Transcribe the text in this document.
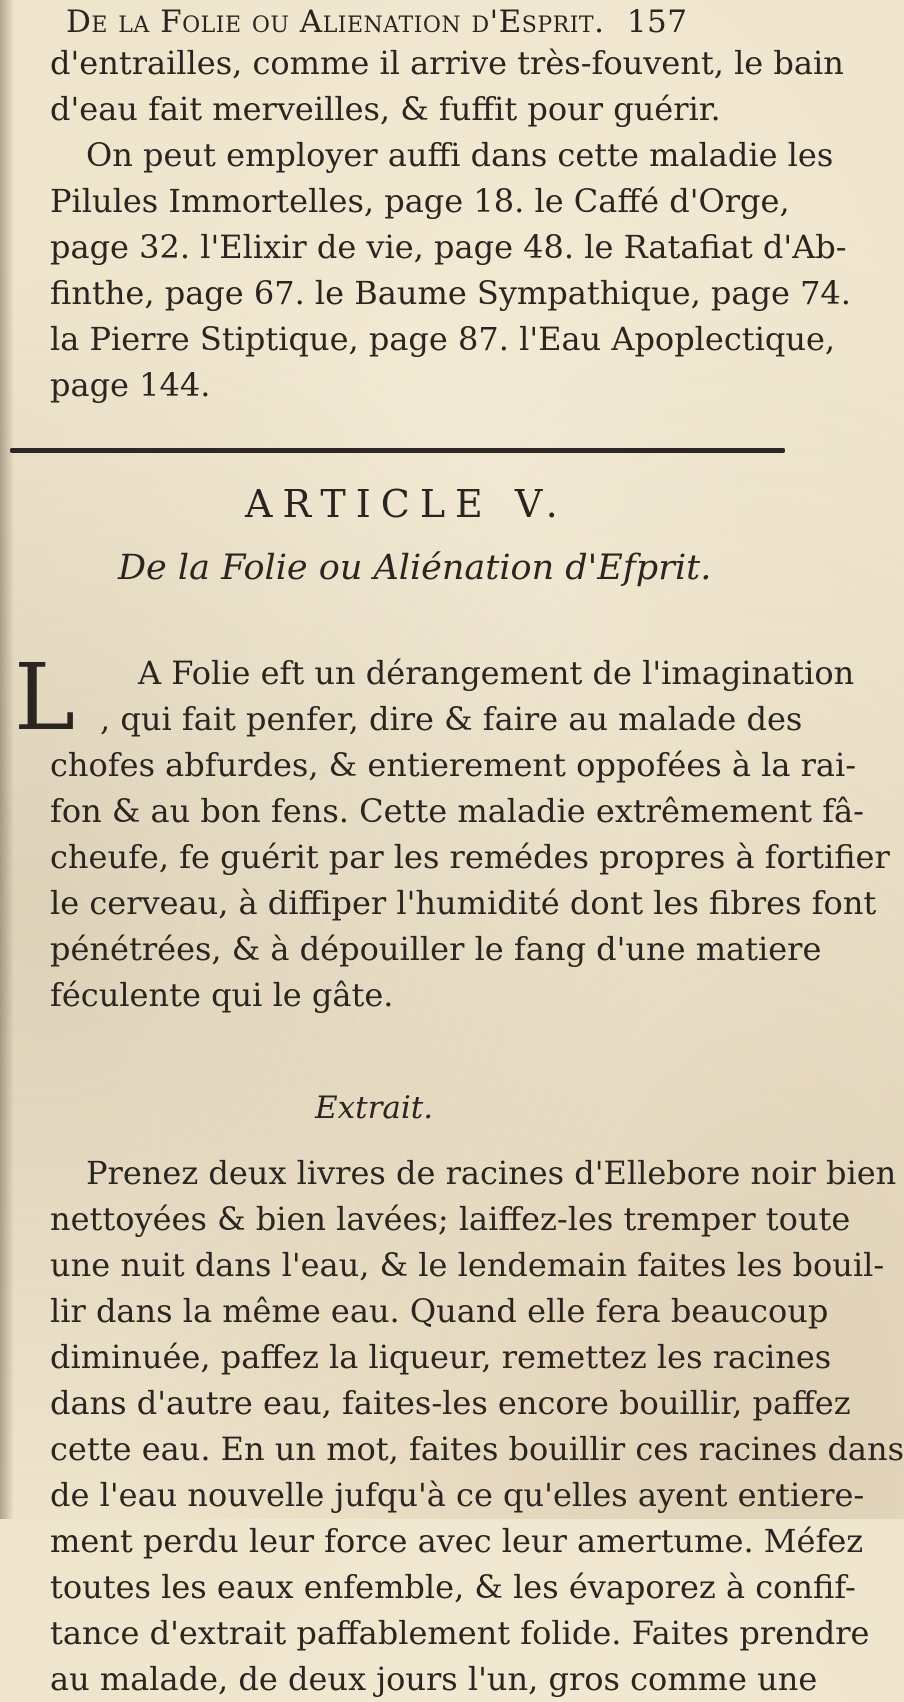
De la Folie ou Alienation d'Esprit. 157
d'entrailles, comme il arrive très-fouvent, le bain
d'eau fait merveilles, & fuffit pour guérir.
On peut employer auffi dans cette maladie les
Pilules Immortelles, page 18. le Caffé d'Orge,
page 32. l'Elixir de vie, page 48. le Ratafiat d'Ab-
finthe, page 67. le Baume Sympathique, page 74.
la Pierre Stiptique, page 87. l'Eau Apoplectique,
page 144.
ARTICLE V.
De la Folie ou Aliénation d'Efprit.
L	A Folie eft un dérangement de l'imagination
, qui fait penfer, dire & faire au malade des
chofes abfurdes, & entierement oppofées à la rai-
fon & au bon fens. Cette maladie extrêmement fâ-
cheufe, fe guérit par les remédes propres à fortifier
le cerveau, à diffiper l'humidité dont les fibres font
pénétrées, & à dépouiller le fang d'une matiere
féculente qui le gâte.
Extrait.
Prenez deux livres de racines d'Ellebore noir bien
nettoyées & bien lavées; laiffez-les tremper toute
une nuit dans l'eau, & le lendemain faites les bouil-
lir dans la même eau. Quand elle fera beaucoup
diminuée, paffez la liqueur, remettez les racines
dans d'autre eau, faites-les encore bouillir, paffez
cette eau. En un mot, faites bouillir ces racines dans
de l'eau nouvelle jufqu'à ce qu'elles ayent entiere-
ment perdu leur force avec leur amertume. Méfez
toutes les eaux enfemble, & les évaporez à confif-
tance d'extrait paffablement folide. Faites prendre
au malade, de deux jours l'un, gros comme une
